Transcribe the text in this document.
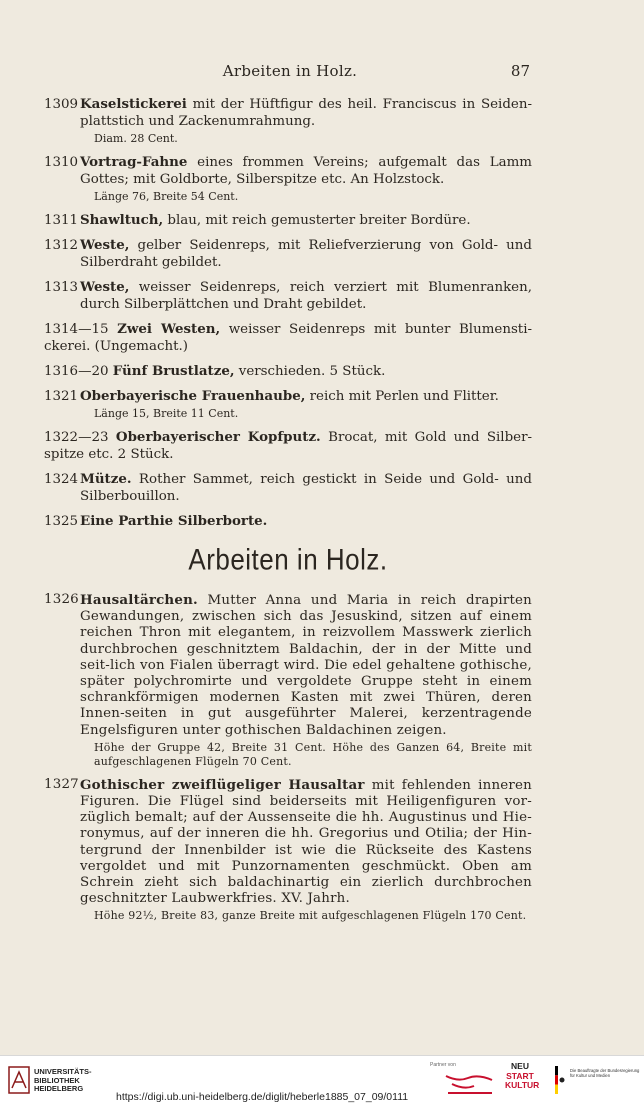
Arbeiten in Holz.	87
1309 Kaselstickerei mit der Hüftfigur des heil. Franciscus in Seiden-plattstich und Zackenumrahmung.
Diam. 28 Cent.
1310 Vortrag-Fahne eines frommen Vereins; aufgemalt das Lamm Gottes; mit Goldborte, Silberspitze etc. An Holzstock.
Länge 76, Breite 54 Cent.
1311 Shawltuch, blau, mit reich gemusterter breiter Bordüre.
1312 Weste, gelber Seidenreps, mit Reliefverzierung von Gold- und Silberdraht gebildet.
1313 Weste, weisser Seidenreps, reich verziert mit Blumenranken, durch Silberplättchen und Draht gebildet.
1314—15 Zwei Westen, weisser Seidenreps mit bunter Blumensti-ckerei. (Ungemacht.)
1316—20 Fünf Brustlatze, verschieden. 5 Stück.
1321 Oberbayerische Frauenhaube, reich mit Perlen und Flitter.
Länge 15, Breite 11 Cent.
1322—23 Oberbayerischer Kopfputz. Brocat, mit Gold und Silber-spitze etc. 2 Stück.
1324 Mütze. Rother Sammet, reich gestickt in Seide und Gold- und Silberbouillon.
1325 Eine Parthie Silberborte.
Arbeiten in Holz.
1326 Hausaltärchen. Mutter Anna und Maria in reich drapirten Gewandungen, zwischen sich das Jesuskind, sitzen auf einem reichen Thron mit elegantem, in reizvollem Masswerk zierlich durchbrochen geschnitztem Baldachin, der in der Mitte und seit-lich von Fialen überragt wird. Die edel gehaltene gothische, später polychromirte und vergoldete Gruppe steht in einem schrankförmigen modernen Kasten mit zwei Thüren, deren Innen-seiten in gut ausgeführter Malerei, kerzentragende Engelsfiguren unter gothischen Baldachinen zeigen.
Höhe der Gruppe 42, Breite 31 Cent. Höhe des Ganzen 64, Breite mit aufgeschlagenen Flügeln 70 Cent.
1327 Gothischer zweiflügeliger Hausaltar mit fehlenden inneren Figuren. Die Flügel sind beiderseits mit Heiligenfiguren vor-züglich bemalt; auf der Aussenseite die hh. Augustinus und Hie-ronymus, auf der inneren die hh. Gregorius und Otilia; der Hin-tergrund der Innenbilder ist wie die Rückseite des Kastens vergoldet und mit Punzornamenten geschmückt. Oben am Schrein zieht sich baldachinartig ein zierlich durchbrochen geschnitzter Laubwerkfries. XV. Jahrh.
Höhe 92½, Breite 83, ganze Breite mit aufgeschlagenen Flügeln 170 Cent.
UNIVERSITÄTS-
BIBLIOTHEK
HEIDELBERG
https://digi.ub.uni-heidelberg.de/diglit/heberle1885_07_09/0111
Partner von	NEU
START
KULTUR
Die Beauftragte der Bundesregierung für Kultur und Medien
